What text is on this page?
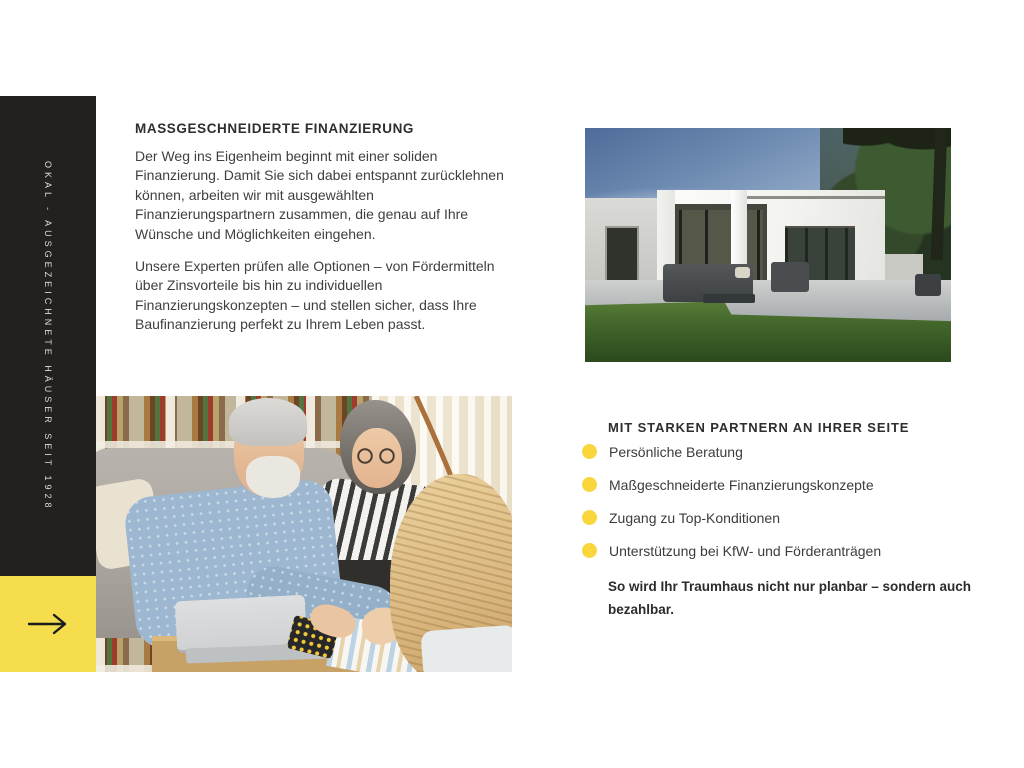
OKAL - AUSGEZEICHNETE HÄUSER SEIT 1928
MASSGESCHNEIDERTE FINANZIERUNG

Der Weg ins Eigenheim beginnt mit einer soliden Finanzierung. Damit Sie sich dabei entspannt zurücklehnen können, arbeiten wir mit ausgewählten Finanzierungspartnern zusammen, die genau auf Ihre Wünsche und Möglichkeiten eingehen.

Unsere Experten prüfen alle Optionen – von Fördermitteln über Zinsvorteile bis hin zu individuellen Finanzierungskonzepten – und stellen sicher, dass Ihre Baufinanzierung perfekt zu Ihrem Leben passt.

MIT STARKEN PARTNERN AN IHRER SEITE
Persönliche Beratung
Maßgeschneiderte Finanzierungskonzepte
Zugang zu Top-Konditionen
Unterstützung bei KfW- und Förderanträgen

So wird Ihr Traumhaus nicht nur planbar – sondern auch bezahlbar.
